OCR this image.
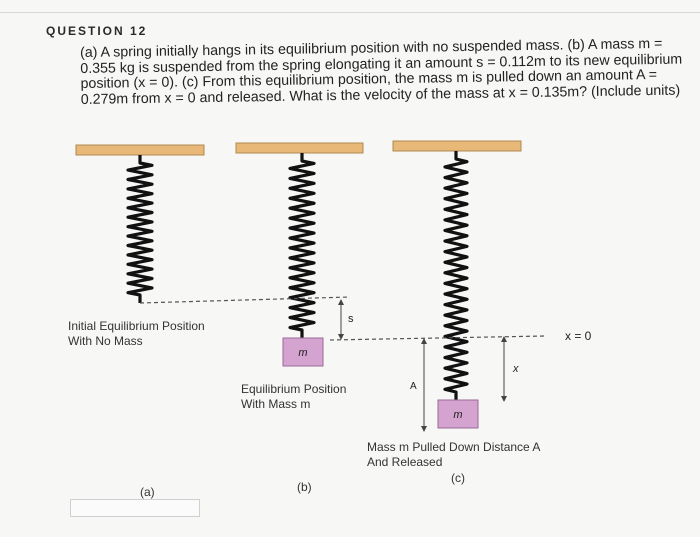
QUESTION 12

(a) A spring initially hangs in its equilibrium position with no suspended mass. (b) A mass m = 0.355 kg is suspended from the spring elongating it an amount s = 0.112m to its new equilibrium position (x = 0). (c) From this equilibrium position, the mass m is pulled down an amount A = 0.279m from x = 0 and released. What is the velocity of the mass at x = 0.135m? (Include units)

m
m
s
A
x
x = 0

Initial Equilibrium Position
With No Mass

Equilibrium Position
With Mass m

Mass m Pulled Down Distance A
And Released

(a)	(b)
(c)
